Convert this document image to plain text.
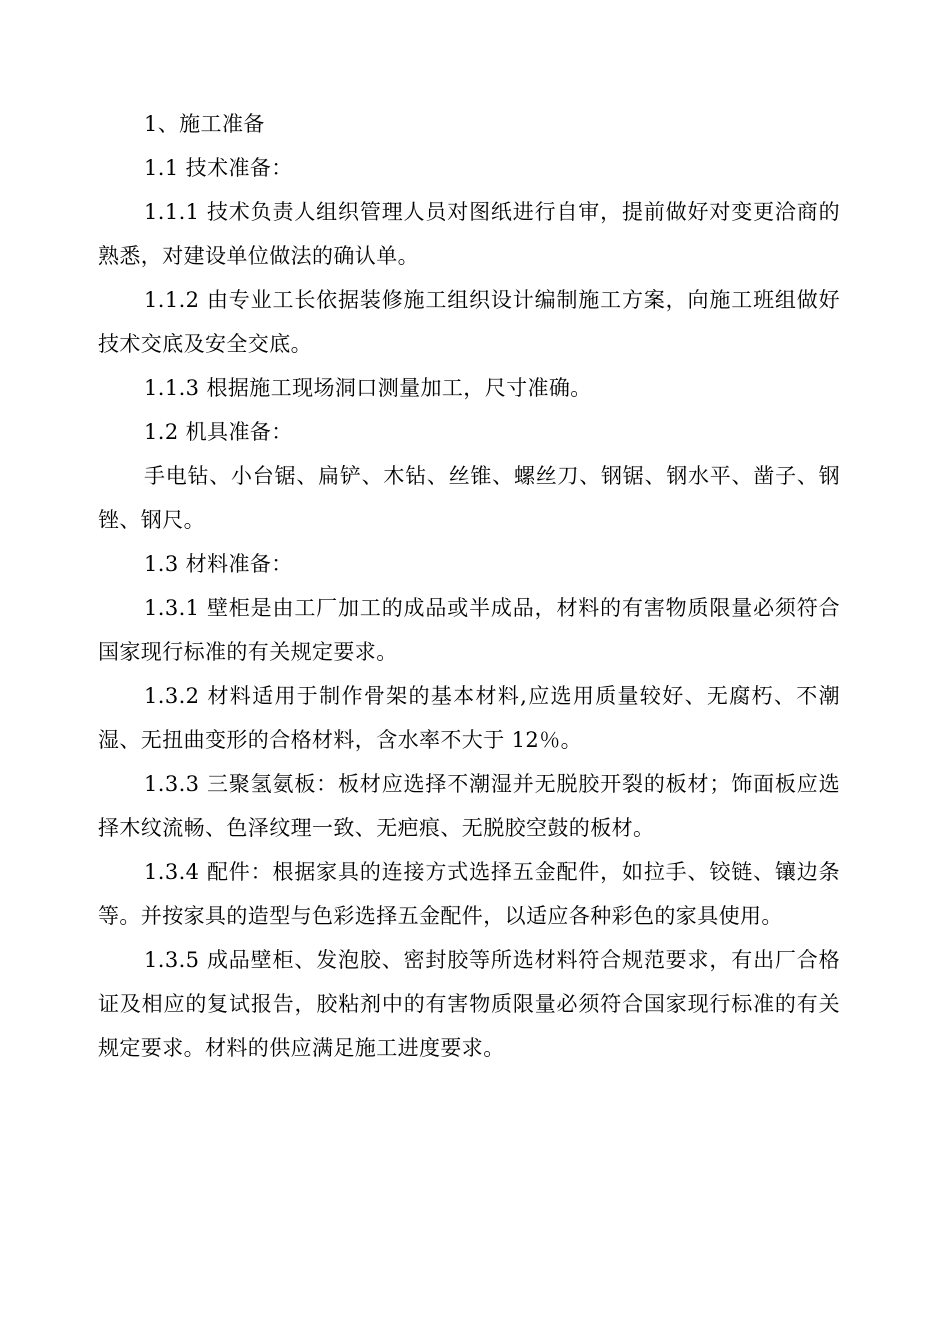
1、施工准备

1.1 技术准备：

1.1.1 技术负责人组织管理人员对图纸进行自审，提前做好对变更洽商的熟悉，对建设单位做法的确认单。

1.1.2 由专业工长依据装修施工组织设计编制施工方案，向施工班组做好技术交底及安全交底。

1.1.3 根据施工现场洞口测量加工，尺寸准确。

1.2 机具准备：

手电钻、小台锯、扁铲、木钻、丝锥、螺丝刀、钢锯、钢水平、凿子、钢锉、钢尺。

1.3 材料准备：

1.3.1 壁柜是由工厂加工的成品或半成品，材料的有害物质限量必须符合国家现行标准的有关规定要求。

1.3.2 材料适用于制作骨架的基本材料,应选用质量较好、无腐朽、不潮湿、无扭曲变形的合格材料，含水率不大于 12％。

1.3.3 三聚氢氨板：板材应选择不潮湿并无脱胶开裂的板材；饰面板应选择木纹流畅、色泽纹理一致、无疤痕、无脱胶空鼓的板材。

1.3.4 配件：根据家具的连接方式选择五金配件，如拉手、铰链、镶边条等。并按家具的造型与色彩选择五金配件，以适应各种彩色的家具使用。

1.3.5 成品壁柜、发泡胶、密封胶等所选材料符合规范要求，有出厂合格证及相应的复试报告，胶粘剂中的有害物质限量必须符合国家现行标准的有关规定要求。材料的供应满足施工进度要求。
